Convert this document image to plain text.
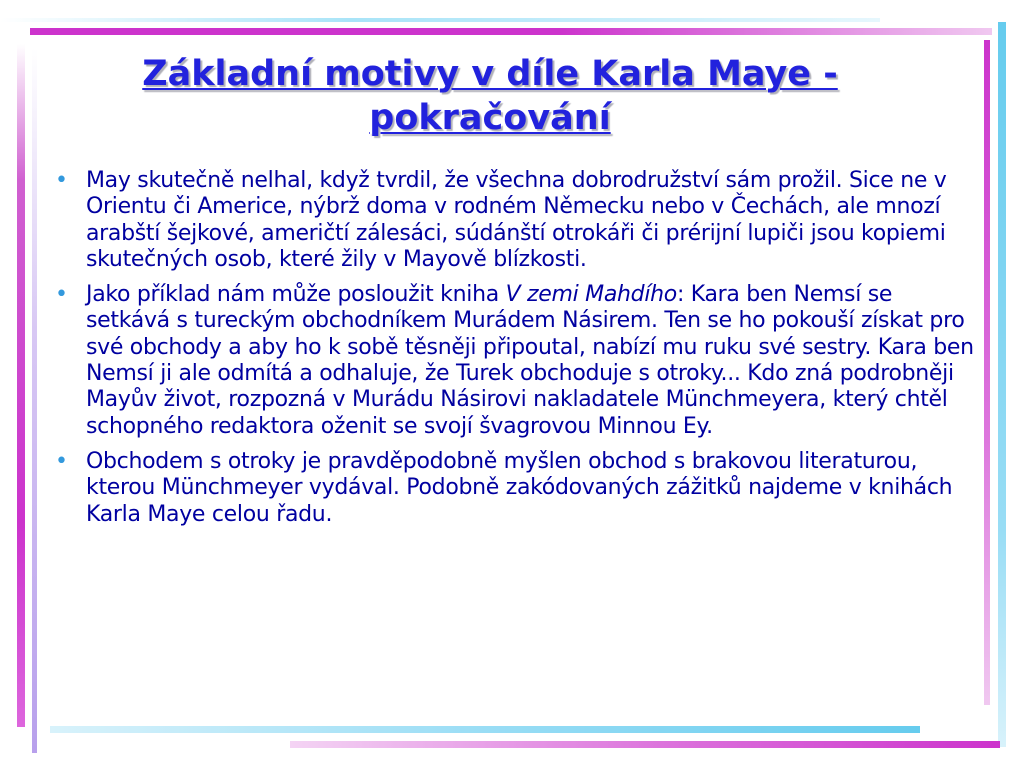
Základní motivy v díle Karla Maye - pokračování
• May skutečně nelhal, když tvrdil, že všechna dobrodružství sám prožil. Sice ne v Orientu či Americe, nýbrž doma v rodném Německu nebo v Čechách, ale mnozí arabští šejkové, američtí zálesáci, súdánští otrokáři či prérijní lupiči jsou kopiemi skutečných osob, které žily v Mayově blízkosti.
• Jako příklad nám může posloužit kniha V zemi Mahdího: Kara ben Nemsí se setkává s tureckým obchodníkem Murádem Násirem. Ten se ho pokouší získat pro své obchody a aby ho k sobě těsněji připoutal, nabízí mu ruku své sestry. Kara ben Nemsí ji ale odmítá a odhaluje, že Turek obchoduje s otroky... Kdo zná podrobněji Mayův život, rozpozná v Murádu Násirovi nakladatele Münchmeyera, který chtěl schopného redaktora oženit se svojí švagrovou Minnou Ey.
• Obchodem s otroky je pravděpodobně myšlen obchod s brakovou literaturou, kterou Münchmeyer vydával. Podobně zakódovaných zážitků najdeme v knihách Karla Maye celou řadu.
